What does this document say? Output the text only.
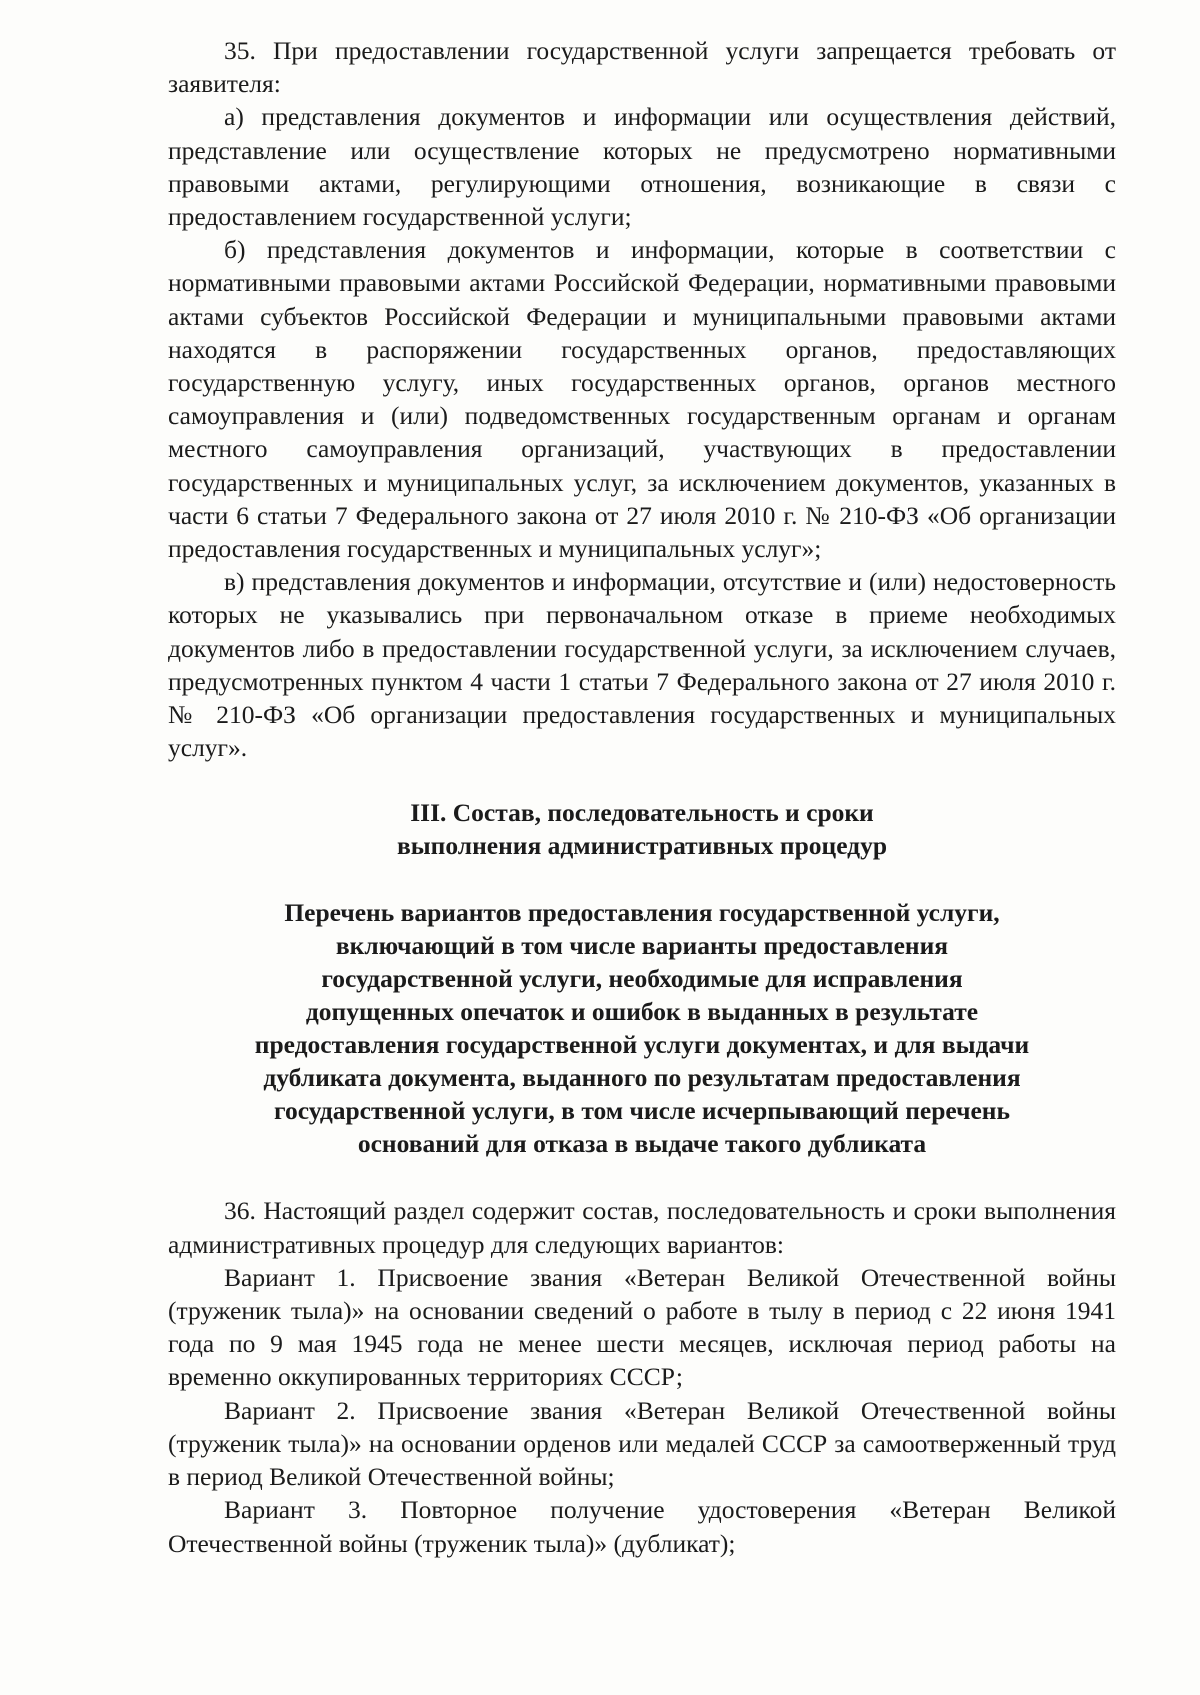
35. При предоставлении государственной услуги запрещается требовать от заявителя:

а) представления документов и информации или осуществления действий, представление или осуществление которых не предусмотрено нормативными правовыми актами, регулирующими отношения, возникающие в связи с предоставлением государственной услуги;

б) представления документов и информации, которые в соответствии с нормативными правовыми актами Российской Федерации, нормативными правовыми актами субъектов Российской Федерации и муниципальными правовыми актами находятся в распоряжении государственных органов, предоставляющих государственную услугу, иных государственных органов, органов местного самоуправления и (или) подведомственных государственным органам и органам местного самоуправления организаций, участвующих в предоставлении государственных и муниципальных услуг, за исключением документов, указанных в части 6 статьи 7 Федерального закона от 27 июля 2010 г. № 210-ФЗ «Об организации предоставления государственных и муниципальных услуг»;

в) представления документов и информации, отсутствие и (или) недостоверность которых не указывались при первоначальном отказе в приеме необходимых документов либо в предоставлении государственной услуги, за исключением случаев, предусмотренных пунктом 4 части 1 статьи 7 Федерального закона от 27 июля 2010 г. № 210-ФЗ «Об организации предоставления государственных и муниципальных услуг».

III. Состав, последовательность и сроки
выполнения административных процедур
Перечень вариантов предоставления государственной услуги,
включающий в том числе варианты предоставления
государственной услуги, необходимые для исправления
допущенных опечаток и ошибок в выданных в результате
предоставления государственной услуги документах, и для выдачи
дубликата документа, выданного по результатам предоставления
государственной услуги, в том числе исчерпывающий перечень
оснований для отказа в выдаче такого дубликата

36. Настоящий раздел содержит состав, последовательность и сроки выполнения административных процедур для следующих вариантов:

Вариант 1. Присвоение звания «Ветеран Великой Отечественной войны (труженик тыла)» на основании сведений о работе в тылу в период с 22 июня 1941 года по 9 мая 1945 года не менее шести месяцев, исключая период работы на временно оккупированных территориях СССР;

Вариант 2. Присвоение звания «Ветеран Великой Отечественной войны (труженик тыла)» на основании орденов или медалей СССР за самоотверженный труд в период Великой Отечественной войны;

Вариант 3. Повторное получение удостоверения «Ветеран Великой Отечественной войны (труженик тыла)» (дубликат);
